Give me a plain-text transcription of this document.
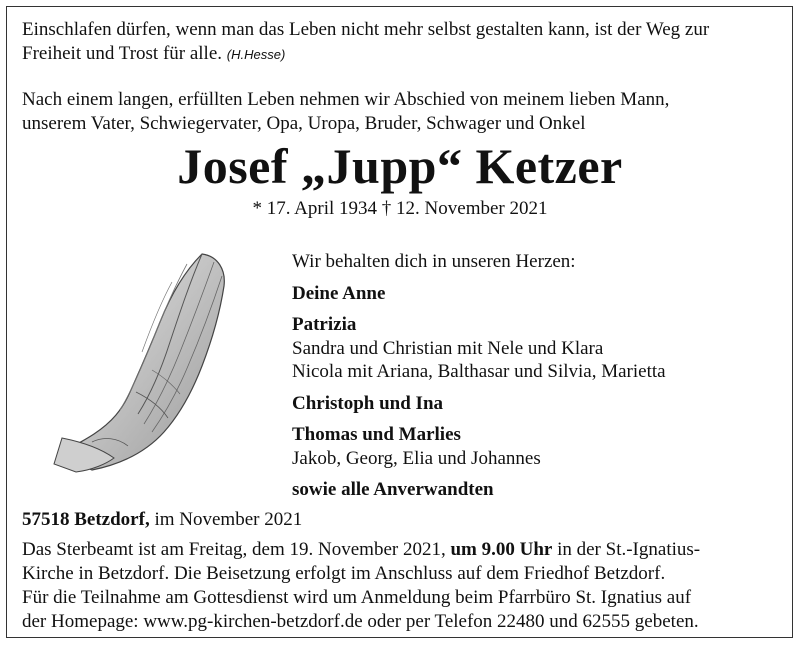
Einschlafen dürfen, wenn man das Leben nicht mehr selbst gestalten kann, ist der Weg zur
Freiheit und Trost für alle. (H.Hesse)
Nach einem langen, erfüllten Leben nehmen wir Abschied von meinem lieben Mann,
unserem Vater, Schwiegervater, Opa, Uropa, Bruder, Schwager und Onkel
Josef „Jupp“ Ketzer
* 17. April 1934 † 12. November 2021
Wir behalten dich in unseren Herzen:
Deine Anne
Patrizia
Sandra und Christian mit Nele und Klara
Nicola mit Ariana, Balthasar und Silvia, Marietta
Christoph und Ina
Thomas und Marlies
Jakob, Georg, Elia und Johannes
sowie alle Anverwandten
57518 Betzdorf, im November 2021
Das Sterbeamt ist am Freitag, dem 19. November 2021, um 9.00 Uhr in der St.-Ignatius-
Kirche in Betzdorf. Die Beisetzung erfolgt im Anschluss auf dem Friedhof Betzdorf.
Für die Teilnahme am Gottesdienst wird um Anmeldung beim Pfarrbüro St. Ignatius auf
der Homepage: www.pg-kirchen-betzdorf.de oder per Telefon 22480 und 62555 gebeten.
